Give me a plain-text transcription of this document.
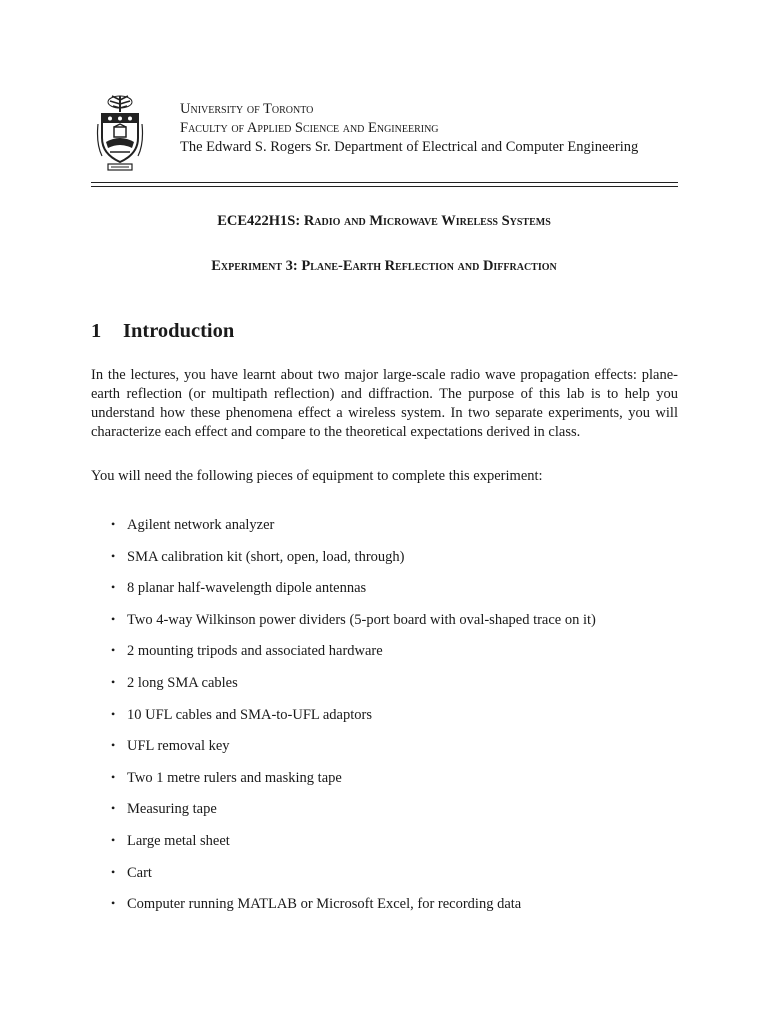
University of Toronto
Faculty of Applied Science and Engineering
The Edward S. Rogers Sr. Department of Electrical and Computer Engineering
ECE422H1S: Radio and Microwave Wireless Systems
Experiment 3: Plane-Earth Reflection and Diffraction
1 Introduction

In the lectures, you have learnt about two major large-scale radio wave propagation effects: plane-earth reflection (or multipath reflection) and diffraction. The purpose of this lab is to help you understand how these phenomena effect a wireless system. In two separate experiments, you will characterize each effect and compare to the theoretical expectations derived in class.

You will need the following pieces of equipment to complete this experiment:

• Agilent network analyzer
• SMA calibration kit (short, open, load, through)
• 8 planar half-wavelength dipole antennas
• Two 4-way Wilkinson power dividers (5-port board with oval-shaped trace on it)
• 2 mounting tripods and associated hardware
• 2 long SMA cables
• 10 UFL cables and SMA-to-UFL adaptors
• UFL removal key
• Two 1 metre rulers and masking tape
• Measuring tape
• Large metal sheet
• Cart
• Computer running MATLAB or Microsoft Excel, for recording data
